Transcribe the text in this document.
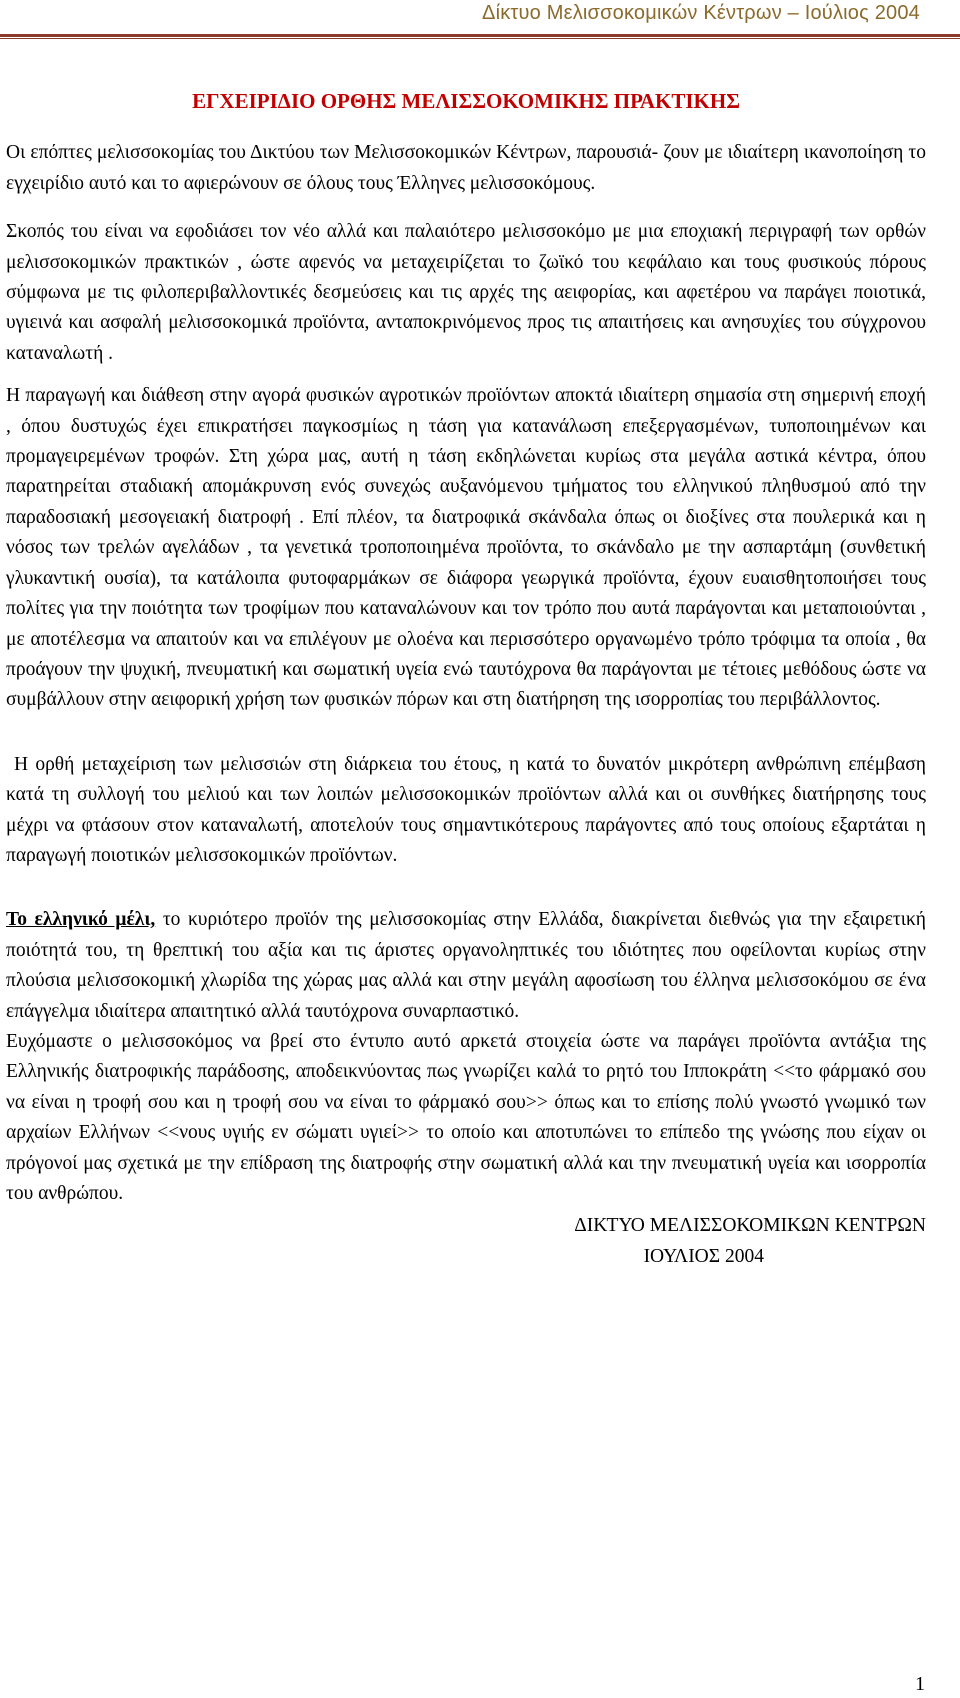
Δίκτυο Μελισσοκομικών Κέντρων – Ιούλιος 2004
ΕΓΧΕΙΡΙΔΙΟ ΟΡΘΗΣ ΜΕΛΙΣΣΟΚΟΜΙΚΗΣ ΠΡΑΚΤΙΚΗΣ

Οι επόπτες μελισσοκομίας του Δικτύου των Μελισσοκομικών Κέντρων, παρουσιά- ζουν με ιδιαίτερη ικανοποίηση το εγχειρίδιο αυτό και το αφιερώνουν σε όλους τους Έλληνες μελισσοκόμους.

Σκοπός του είναι να εφοδιάσει τον νέο αλλά και παλαιότερο μελισσοκόμο με μια εποχιακή περιγραφή των ορθών μελισσοκομικών πρακτικών , ώστε αφενός να μεταχειρίζεται το ζωϊκό του κεφάλαιο και τους φυσικούς πόρους σύμφωνα με τις φιλοπεριβαλλοντικές δεσμεύσεις και τις αρχές της αειφορίας, και αφετέρου να παράγει ποιοτικά, υγιεινά και ασφαλή μελισσοκομικά προϊόντα, ανταποκρινόμενος προς τις απαιτήσεις και ανησυχίες του σύγχρονου καταναλωτή .

Η παραγωγή και διάθεση στην αγορά φυσικών αγροτικών προϊόντων αποκτά ιδιαίτερη σημασία στη σημερινή εποχή , όπου δυστυχώς έχει επικρατήσει παγκοσμίως η τάση για κατανάλωση επεξεργασμένων, τυποποιημένων και προμαγειρεμένων τροφών. Στη χώρα μας, αυτή η τάση εκδηλώνεται κυρίως στα μεγάλα αστικά κέντρα, όπου παρατηρείται σταδιακή απομάκρυνση ενός συνεχώς αυξανόμενου τμήματος του ελληνικού πληθυσμού από την παραδοσιακή μεσογειακή διατροφή . Επί πλέον, τα διατροφικά σκάνδαλα όπως οι διοξίνες στα πουλερικά και η νόσος των τρελών αγελάδων , τα γενετικά τροποποιημένα προϊόντα, το σκάνδαλο με την ασπαρτάμη (συνθετική γλυκαντική ουσία), τα κατάλοιπα φυτοφαρμάκων σε διάφορα γεωργικά προϊόντα, έχουν ευαισθητοποιήσει τους πολίτες για την ποιότητα των τροφίμων που καταναλώνουν και τον τρόπο που αυτά παράγονται και μεταποιούνται , με αποτέλεσμα να απαιτούν και να επιλέγουν με ολοένα και περισσότερο οργανωμένο τρόπο τρόφιμα τα οποία , θα προάγουν την ψυχική, πνευματική και σωματική υγεία ενώ ταυτόχρονα θα παράγονται με τέτοιες μεθόδους ώστε να συμβάλλουν στην αειφορική χρήση των φυσικών πόρων και στη διατήρηση της ισορροπίας του περιβάλλοντος.

Η ορθή μεταχείριση των μελισσιών στη διάρκεια του έτους, η κατά το δυνατόν μικρότερη ανθρώπινη επέμβαση κατά τη συλλογή του μελιού και των λοιπών μελισσοκομικών προϊόντων αλλά και οι συνθήκες διατήρησης τους μέχρι να φτάσουν στον καταναλωτή, αποτελούν τους σημαντικότερους παράγοντες από τους οποίους εξαρτάται η παραγωγή ποιοτικών μελισσοκομικών προϊόντων.

Το ελληνικό μέλι, το κυριότερο προϊόν της μελισσοκομίας στην Ελλάδα, διακρίνεται διεθνώς για την εξαιρετική ποιότητά του, τη θρεπτική του αξία και τις άριστες οργανοληπτικές του ιδιότητες που οφείλονται κυρίως στην πλούσια μελισσοκομική χλωρίδα της χώρας μας αλλά και στην μεγάλη αφοσίωση του έλληνα μελισσοκόμου σε ένα επάγγελμα ιδιαίτερα απαιτητικό αλλά ταυτόχρονα συναρπαστικό.

Ευχόμαστε ο μελισσοκόμος να βρεί στο έντυπο αυτό αρκετά στοιχεία ώστε να παράγει προϊόντα αντάξια της Ελληνικής διατροφικής παράδοσης, αποδεικνύοντας πως γνωρίζει καλά το ρητό του Ιπποκράτη <<το φάρμακό σου να είναι η τροφή σου και η τροφή σου να είναι το φάρμακό σου>> όπως και το επίσης πολύ γνωστό γνωμικό των αρχαίων Ελλήνων <<νους υγιής εν σώματι υγιεί>> το οποίο και αποτυπώνει το επίπεδο της γνώσης που είχαν οι πρόγονοί μας σχετικά με την επίδραση της διατροφής στην σωματική αλλά και την πνευματική υγεία και ισορροπία του ανθρώπου.

ΔΙΚΤΥΟ ΜΕΛΙΣΣΟΚΟΜΙΚΩΝ ΚΕΝΤΡΩΝ
ΙΟΥΛΙΟΣ 2004
1
